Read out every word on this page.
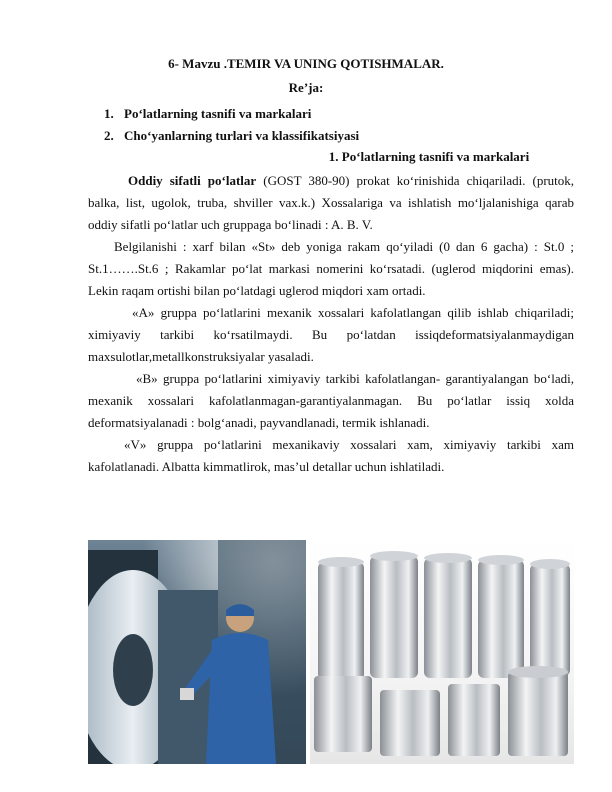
6- Mavzu .TEMIR VA UNING QOTISHMALAR.
Re’ja:
1. Po‘latlarning tasnifi va markalari
2. Cho‘yanlarning turlari va klassifikatsiyasi
1. Po‘latlarning tasnifi va markalari

Oddiy sifatli po‘latlar (GOST 380-90) prokat ko‘rinishida chiqariladi. (prutok, balka, list, ugolok, truba, shviller vax.k.) Xossalariga va ishlatish mo‘ljalanishiga qarab oddiy sifatli po‘latlar uch gruppaga bo‘linadi : A. B. V.

Belgilanishi : xarf bilan «St» deb yoniga rakam qo‘yiladi (0 dan 6 gacha) : St.0 ; St.1…….St.6 ; Rakamlar po‘lat markasi nomerini ko‘rsatadi. (uglerod miqdorini emas). Lekin raqam ortishi bilan po‘latdagi uglerod miqdori xam ortadi.

«A» gruppa po‘latlarini mexanik xossalari kafolatlangan qilib ishlab chiqariladi; ximiyaviy tarkibi ko‘rsatilmaydi. Bu po‘latdan issiqdeformatsiyalanmaydigan maxsulotlar,metallkonstruksiyalar yasaladi.

«B» gruppa po‘latlarini ximiyaviy tarkibi kafolatlangan- garantiyalangan bo‘ladi, mexanik xossalari kafolatlanmagan-garantiyalanmagan. Bu po‘latlar issiq xolda deformatsiyalanadi : bolg‘anadi, payvandlanadi, termik ishlanadi.

«V» gruppa po‘latlarini mexanikaviy xossalari xam, ximiyaviy tarkibi xam kafolatlanadi. Albatta kimmatlirok, mas’ul detallar uchun ishlatiladi.
